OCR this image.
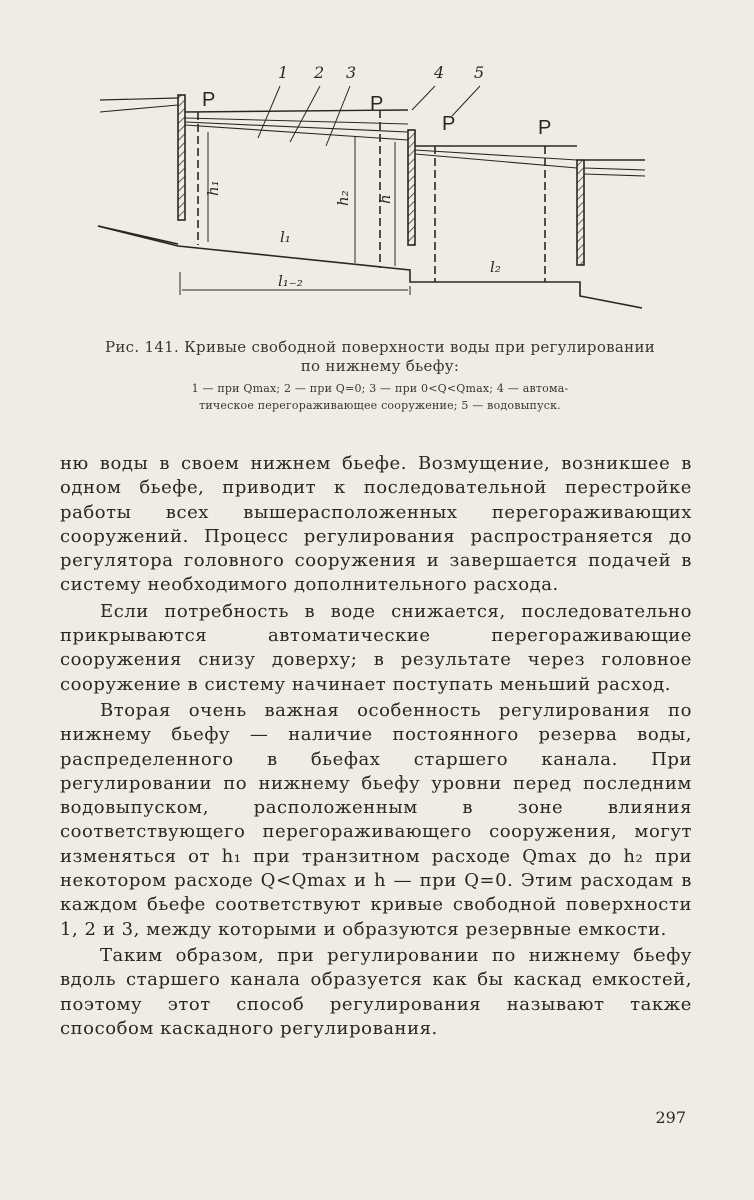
P	P
P	P
1 2 3	4 5
h₁
h₂ h
l₁
l₂
l₁₋₂
Рис. 141. Кривые свободной поверхности воды при регулировании по нижнему бьефу:
1 — при Qmax; 2 — при Q=0; 3 — при 0<Q<Qmax; 4 — автома-
тическое перегораживающее сооружение; 5 — водовыпуск.

ню воды в своем нижнем бьефе. Возмущение, возникшее в одном бьефе, приводит к последовательной перестройке работы всех вышерасположенных перегораживающих сооружений. Процесс регулирования распространяется до регулятора головного сооружения и завершается подачей в систему необходимого дополнительного расхода.

Если потребность в воде снижается, последовательно прикрываются автоматические перегораживающие сооружения снизу доверху; в результате через головное сооружение в систему начинает поступать меньший расход.

Вторая очень важная особенность регулирования по нижнему бьефу — наличие постоянного резерва воды, распределенного в бьефах старшего канала. При регулировании по нижнему бьефу уровни перед последним водовыпуском, расположенным в зоне влияния соответствующего перегораживающего сооружения, могут изменяться от h₁ при транзитном расходе Qmax до h₂ при некотором расходе Q<Qmax и h — при Q=0. Этим расходам в каждом бьефе соответствуют кривые свободной поверхности 1, 2 и 3, между которыми и образуются резервные емкости.

Таким образом, при регулировании по нижнему бьефу вдоль старшего канала образуется как бы каскад емкостей, поэтому этот способ регулирования называют также способом каскадного регулирования.

297
